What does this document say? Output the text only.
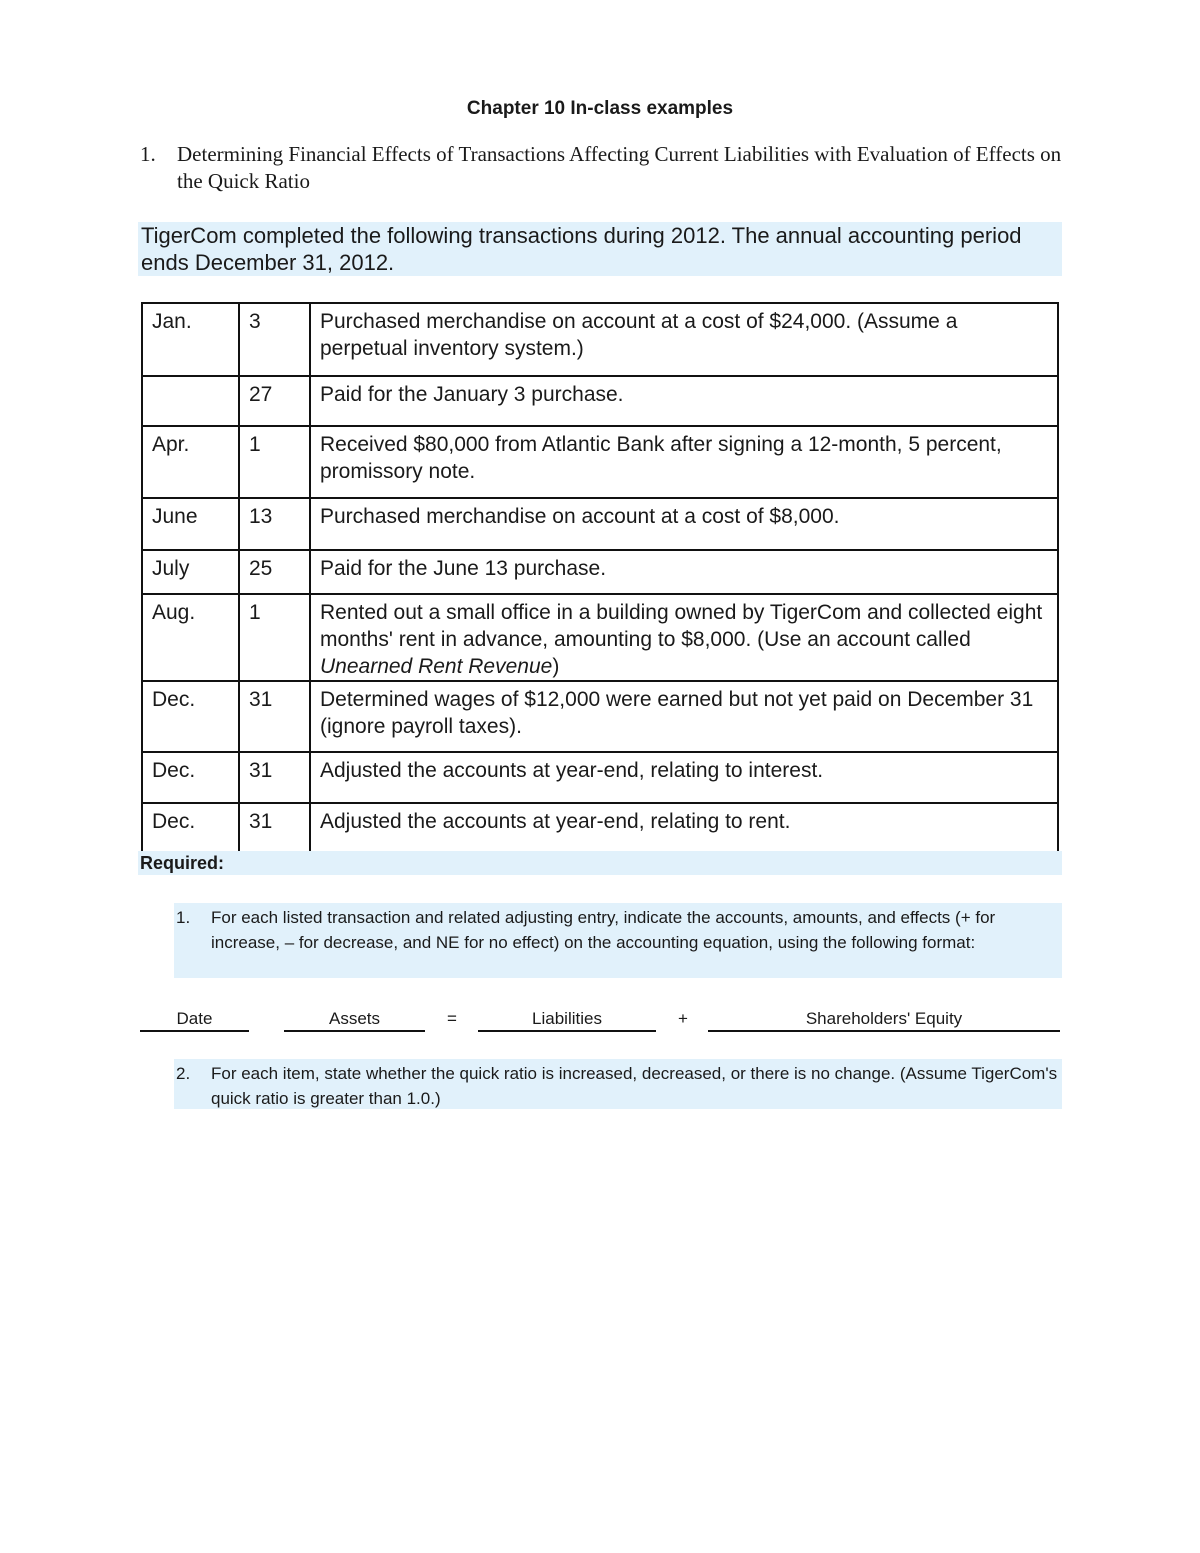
Chapter 10 In-class examples
1.	Determining Financial Effects of Transactions Affecting Current Liabilities with Evaluation of Effects on the Quick Ratio
TigerCom completed the following transactions during 2012. The annual accounting period ends December 31, 2012.
Jan.	3	Purchased merchandise on account at a cost of $24,000. (Assume a perpetual inventory system.)
	27	Paid for the January 3 purchase.
Apr.	1	Received $80,000 from Atlantic Bank after signing a 12-month, 5 percent, promissory note.
June	13	Purchased merchandise on account at a cost of $8,000.
July	25	Paid for the June 13 purchase.
Aug.	1	Rented out a small office in a building owned by TigerCom and collected eight months' rent in advance, amounting to $8,000. (Use an account called Unearned Rent Revenue)
Dec.	31	Determined wages of $12,000 were earned but not yet paid on December 31 (ignore payroll taxes).
Dec.	31	Adjusted the accounts at year-end, relating to interest.
Dec.	31	Adjusted the accounts at year-end, relating to rent.
Required:
1. For each listed transaction and related adjusting entry, indicate the accounts, amounts, and effects (+ for increase, – for decrease, and NE for no effect) on the accounting equation, using the following format:
Date	Assets	=	Liabilities	+	Shareholders' Equity
2. For each item, state whether the quick ratio is increased, decreased, or there is no change. (Assume TigerCom's quick ratio is greater than 1.0.)
